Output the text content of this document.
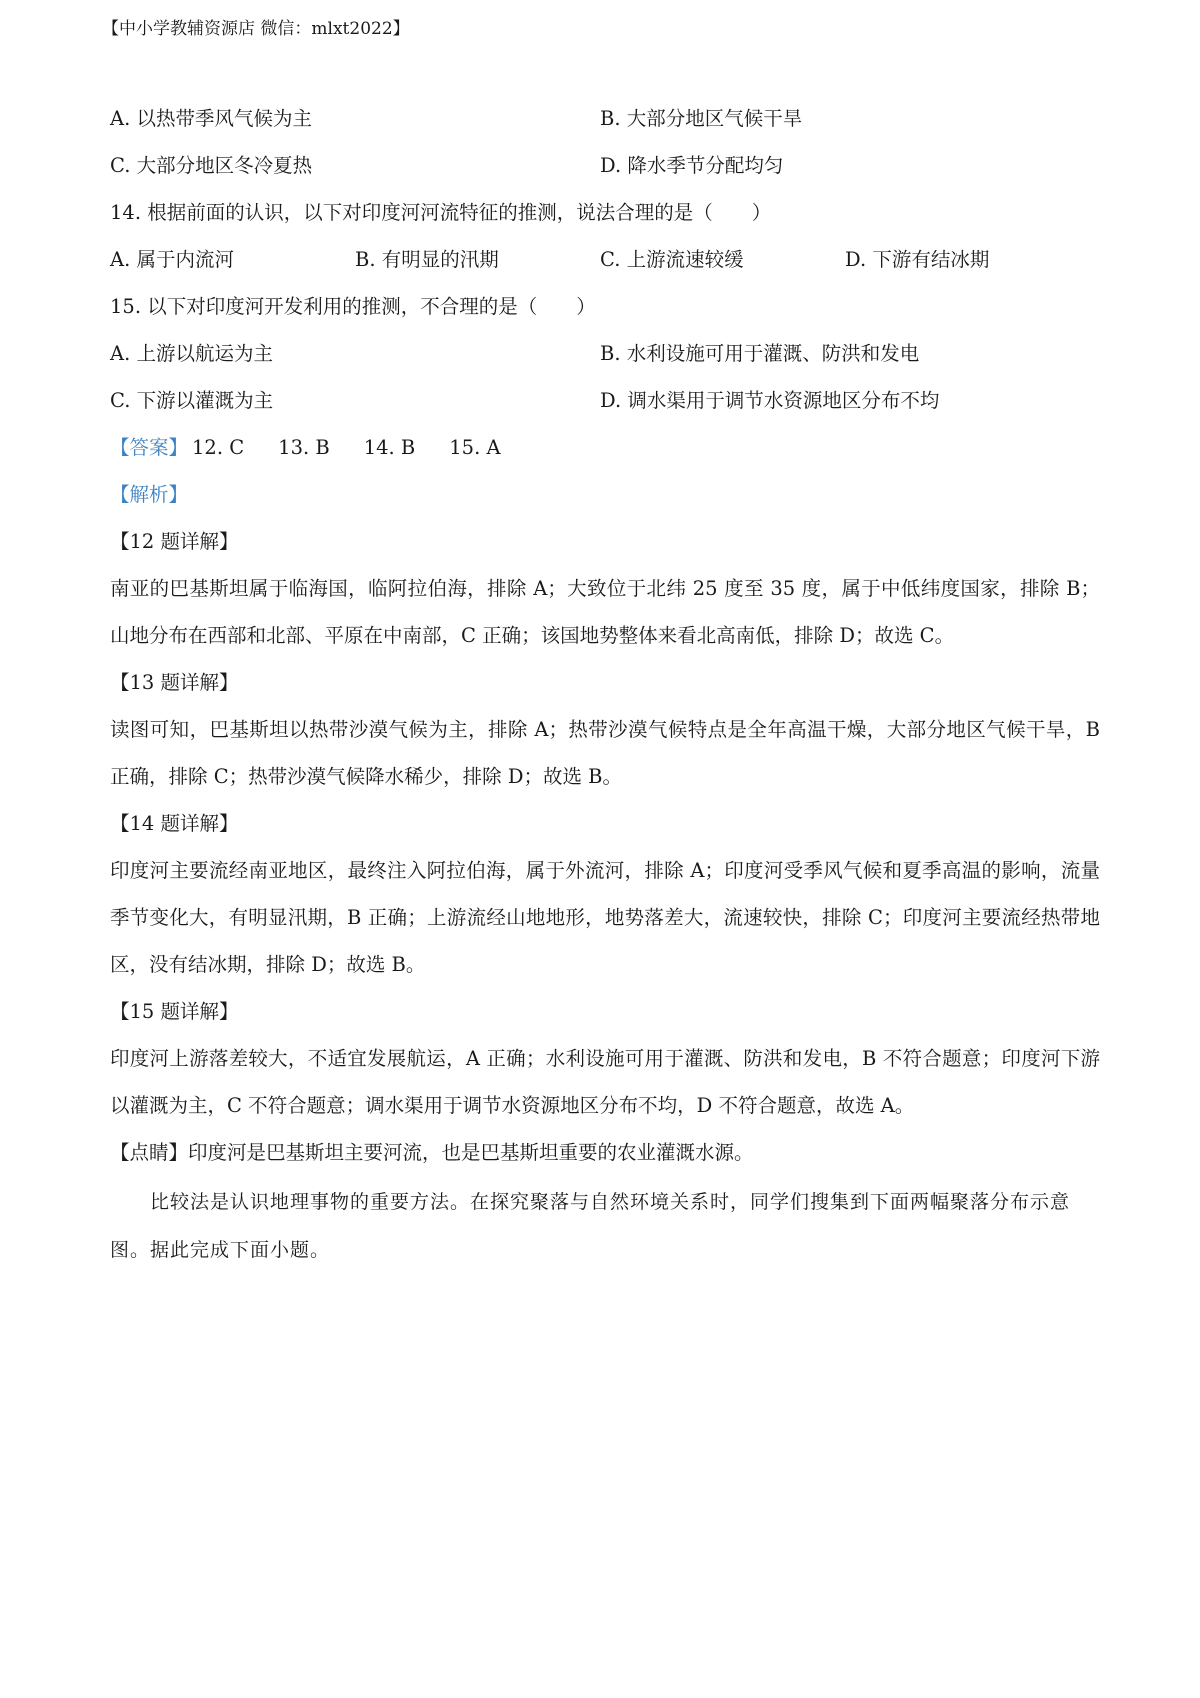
【中小学教辅资源店 微信：mlxt2022】
A. 以热带季风气候为主	B. 大部分地区气候干旱
C. 大部分地区冬冷夏热	D. 降水季节分配均匀
14. 根据前面的认识，以下对印度河河流特征的推测，说法合理的是（　　）
A. 属于内流河	B. 有明显的汛期	C. 上游流速较缓	D. 下游有结冰期
15. 以下对印度河开发利用的推测，不合理的是（　　）
A. 上游以航运为主	B. 水利设施可用于灌溉、防洪和发电
C. 下游以灌溉为主	D. 调水渠用于调节水资源地区分布不均
【答案】 12. C 13. B 14. B 15. A
【解析】
【12 题详解】
南亚的巴基斯坦属于临海国，临阿拉伯海，排除 A；大致位于北纬 25 度至 35 度，属于中低纬度国家，排除 B；山地分布在西部和北部、平原在中南部，C 正确；该国地势整体来看北高南低，排除 D；故选 C。
【13 题详解】
读图可知，巴基斯坦以热带沙漠气候为主，排除 A；热带沙漠气候特点是全年高温干燥，大部分地区气候干旱，B 正确，排除 C；热带沙漠气候降水稀少，排除 D；故选 B。
【14 题详解】
印度河主要流经南亚地区，最终注入阿拉伯海，属于外流河，排除 A；印度河受季风气候和夏季高温的影响，流量季节变化大，有明显汛期，B 正确；上游流经山地地形，地势落差大，流速较快，排除 C；印度河主要流经热带地区，没有结冰期，排除 D；故选 B。
【15 题详解】
印度河上游落差较大，不适宜发展航运，A 正确；水利设施可用于灌溉、防洪和发电，B 不符合题意；印度河下游以灌溉为主，C 不符合题意；调水渠用于调节水资源地区分布不均，D 不符合题意，故选 A。
【点睛】印度河是巴基斯坦主要河流，也是巴基斯坦重要的农业灌溉水源。
比较法是认识地理事物的重要方法。在探究聚落与自然环境关系时，同学们搜集到下面两幅聚落分布示意图。据此完成下面小题。
